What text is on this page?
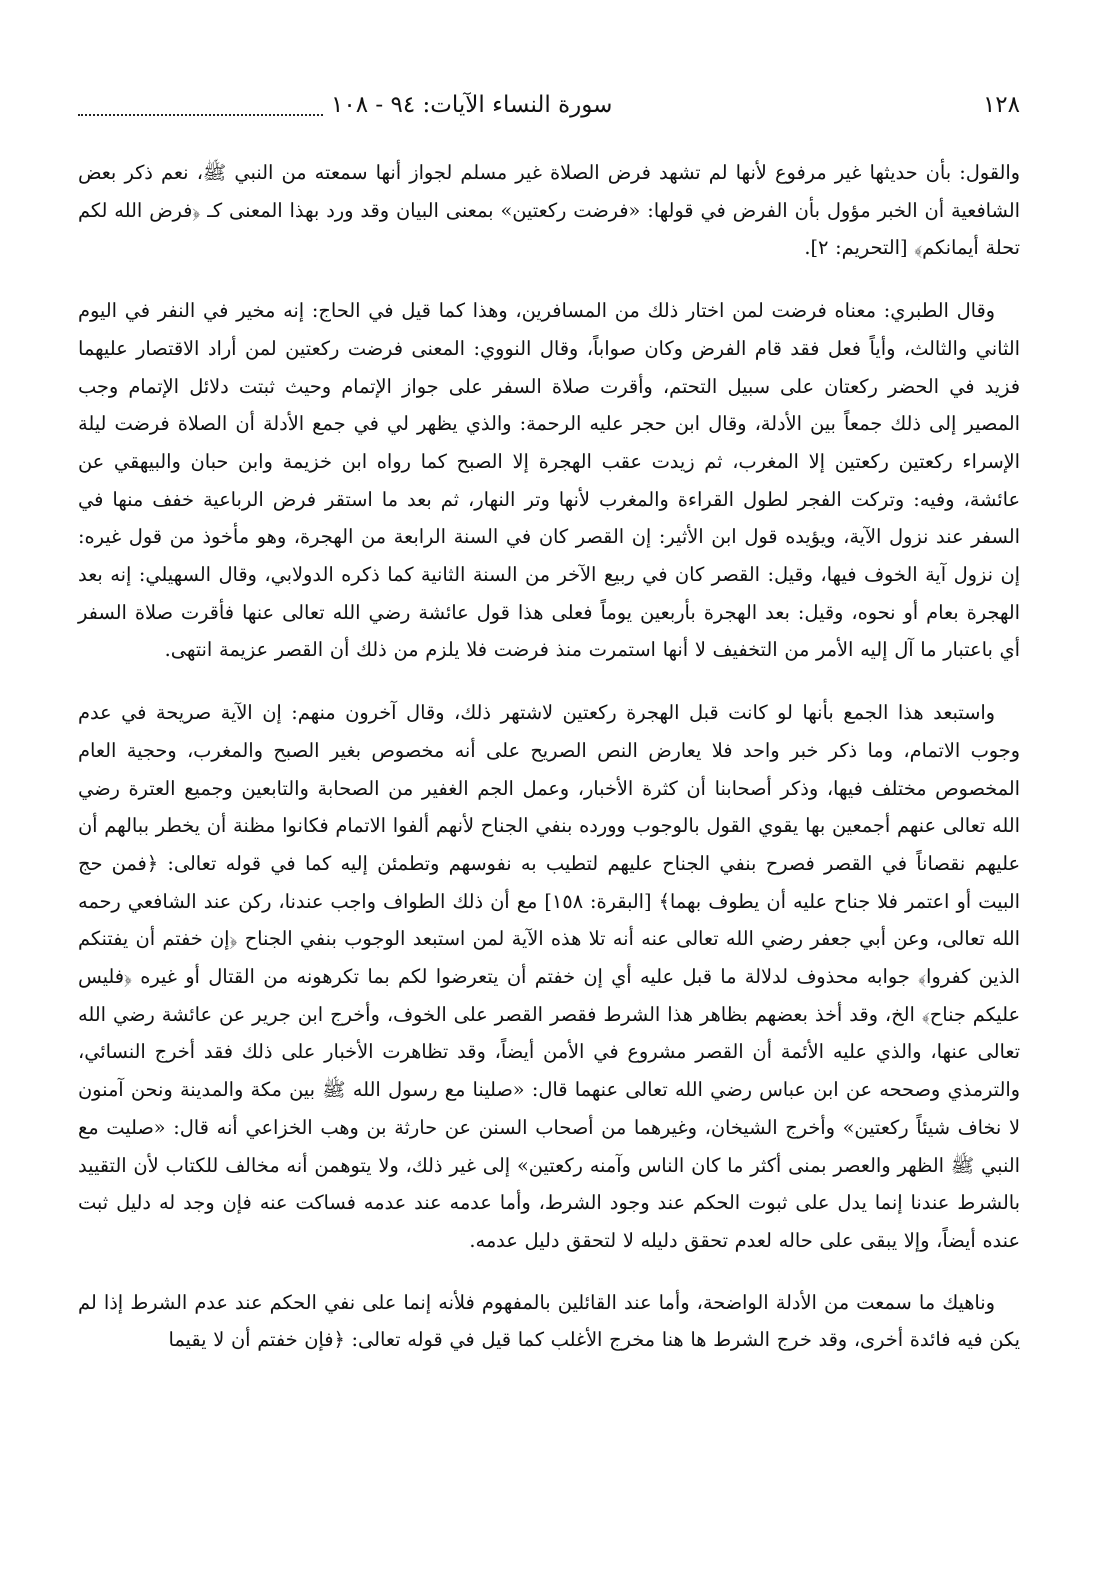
١٢٨
سورة النساء الآيات: ٩٤ - ١٠٨

والقول: بأن حديثها غير مرفوع لأنها لم تشهد فرض الصلاة غير مسلم لجواز أنها سمعته من النبي ﷺ، نعم ذكر بعض الشافعية أن الخبر مؤول بأن الفرض في قولها: «فرضت ركعتين» بمعنى البيان وقد ورد بهذا المعنى كـ ﴿فرض الله لكم تحلة أيمانكم﴾ [التحريم: ٢].

وقال الطبري: معناه فرضت لمن اختار ذلك من المسافرين، وهذا كما قيل في الحاج: إنه مخير في النفر في اليوم الثاني والثالث، وأياً فعل فقد قام الفرض وكان صواباً، وقال النووي: المعنى فرضت ركعتين لمن أراد الاقتصار عليهما فزيد في الحضر ركعتان على سبيل التحتم، وأقرت صلاة السفر على جواز الإتمام وحيث ثبتت دلائل الإتمام وجب المصير إلى ذلك جمعاً بين الأدلة، وقال ابن حجر عليه الرحمة: والذي يظهر لي في جمع الأدلة أن الصلاة فرضت ليلة الإسراء ركعتين ركعتين إلا المغرب، ثم زيدت عقب الهجرة إلا الصبح كما رواه ابن خزيمة وابن حبان والبيهقي عن عائشة، وفيه: وتركت الفجر لطول القراءة والمغرب لأنها وتر النهار، ثم بعد ما استقر فرض الرباعية خفف منها في السفر عند نزول الآية، ويؤيده قول ابن الأثير: إن القصر كان في السنة الرابعة من الهجرة، وهو مأخوذ من قول غيره: إن نزول آية الخوف فيها، وقيل: القصر كان في ربيع الآخر من السنة الثانية كما ذكره الدولابي، وقال السهيلي: إنه بعد الهجرة بعام أو نحوه، وقيل: بعد الهجرة بأربعين يوماً فعلى هذا قول عائشة رضي الله تعالى عنها فأقرت صلاة السفر أي باعتبار ما آل إليه الأمر من التخفيف لا أنها استمرت منذ فرضت فلا يلزم من ذلك أن القصر عزيمة انتهى.

واستبعد هذا الجمع بأنها لو كانت قبل الهجرة ركعتين لاشتهر ذلك، وقال آخرون منهم: إن الآية صريحة في عدم وجوب الاتمام، وما ذكر خبر واحد فلا يعارض النص الصريح على أنه مخصوص بغير الصبح والمغرب، وحجية العام المخصوص مختلف فيها، وذكر أصحابنا أن كثرة الأخبار، وعمل الجم الغفير من الصحابة والتابعين وجميع العترة رضي الله تعالى عنهم أجمعين بها يقوي القول بالوجوب وورده بنفي الجناح لأنهم ألفوا الاتمام فكانوا مظنة أن يخطر ببالهم أن عليهم نقصاناً في القصر فصرح بنفي الجناح عليهم لتطيب به نفوسهم وتطمئن إليه كما في قوله تعالى: ﴿فمن حج البيت أو اعتمر فلا جناح عليه أن يطوف بهما﴾ [البقرة: ١٥٨] مع أن ذلك الطواف واجب عندنا، ركن عند الشافعي رحمه الله تعالى، وعن أبي جعفر رضي الله تعالى عنه أنه تلا هذه الآية لمن استبعد الوجوب بنفي الجناح ﴿إن خفتم أن يفتنكم الذين كفروا﴾ جوابه محذوف لدلالة ما قبل عليه أي إن خفتم أن يتعرضوا لكم بما تكرهونه من القتال أو غيره ﴿فليس عليكم جناح﴾ الخ، وقد أخذ بعضهم بظاهر هذا الشرط فقصر القصر على الخوف، وأخرج ابن جرير عن عائشة رضي الله تعالى عنها، والذي عليه الأئمة أن القصر مشروع في الأمن أيضاً، وقد تظاهرت الأخبار على ذلك فقد أخرج النسائي، والترمذي وصححه عن ابن عباس رضي الله تعالى عنهما قال: «صلينا مع رسول الله ﷺ بين مكة والمدينة ونحن آمنون لا نخاف شيئاً ركعتين» وأخرج الشيخان، وغيرهما من أصحاب السنن عن حارثة بن وهب الخزاعي أنه قال: «صليت مع النبي ﷺ الظهر والعصر بمنى أكثر ما كان الناس وآمنه ركعتين» إلى غير ذلك، ولا يتوهمن أنه مخالف للكتاب لأن التقييد بالشرط عندنا إنما يدل على ثبوت الحكم عند وجود الشرط، وأما عدمه عند عدمه فساكت عنه فإن وجد له دليل ثبت عنده أيضاً، وإلا يبقى على حاله لعدم تحقق دليله لا لتحقق دليل عدمه.

وناهيك ما سمعت من الأدلة الواضحة، وأما عند القائلين بالمفهوم فلأنه إنما على نفي الحكم عند عدم الشرط إذا لم يكن فيه فائدة أخرى، وقد خرج الشرط ها هنا مخرج الأغلب كما قيل في قوله تعالى: ﴿فإن خفتم أن لا يقيما
